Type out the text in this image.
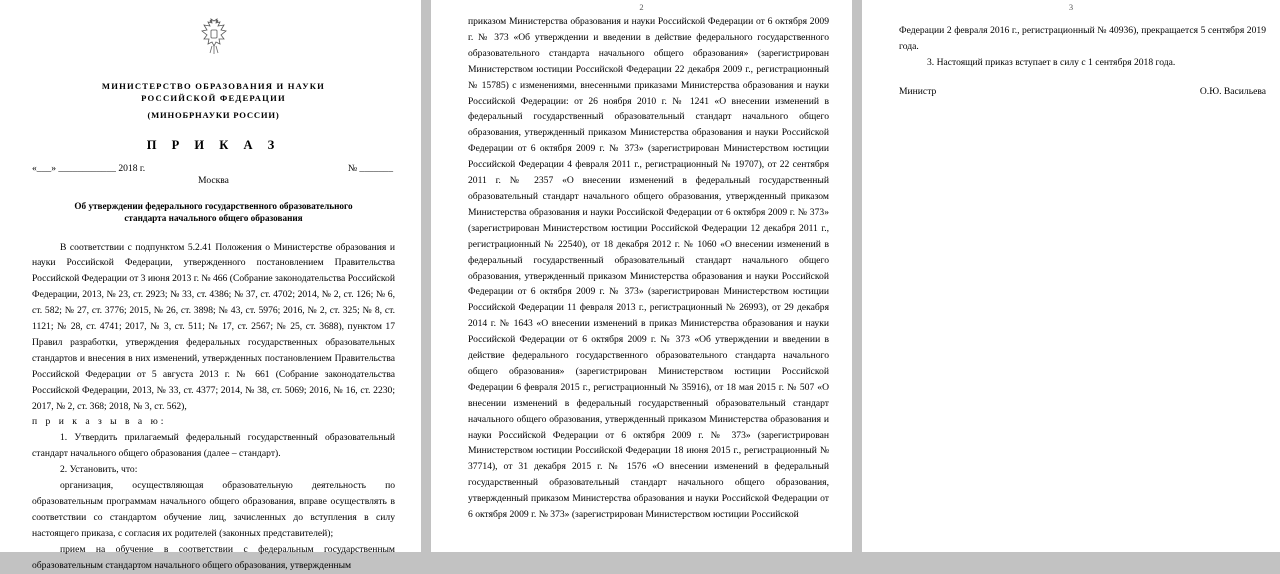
МИНИСТЕРСТВО ОБРАЗОВАНИЯ И НАУКИ
РОССИЙСКОЙ ФЕДЕРАЦИИ
(МИНОБРНАУКИ РОССИИ)
П Р И К А З
«___» ____________ 2018 г.	№ _______
Москва
Об утверждении федерального государственного образовательного
стандарта начального общего образования

В соответствии с подпунктом 5.2.41 Положения о Министерстве образования и науки Российской Федерации, утвержденного постановлением Правительства Российской Федерации от 3 июня 2013 г. № 466 (Собрание законодательства Российской Федерации, 2013, № 23, ст. 2923; № 33, ст. 4386; № 37, ст. 4702; 2014, № 2, ст. 126; № 6, ст. 582; № 27, ст. 3776; 2015, № 26, ст. 3898; № 43, ст. 5976; 2016, № 2, ст. 325; № 8, ст. 1121; № 28, ст. 4741; 2017, № 3, ст. 511; № 17, ст. 2567; № 25, ст. 3688), пунктом 17 Правил разработки, утверждения федеральных государственных образовательных стандартов и внесения в них изменений, утвержденных постановлением Правительства Российской Федерации от 5 августа 2013 г. № 661 (Собрание законодательства Российской Федерации, 2013, № 33, ст. 4377; 2014, № 38, ст. 5069; 2016, № 16, ст. 2230; 2017, № 2, ст. 368; 2018, № 3, ст. 562),

п р и к а з ы в а ю:

1. Утвердить прилагаемый федеральный государственный образовательный стандарт начального общего образования (далее – стандарт).

2. Установить, что:

организация, осуществляющая образовательную деятельность по образовательным программам начального общего образования, вправе осуществлять в соответствии со стандартом обучение лиц, зачисленных до вступления в силу настоящего приказа, с согласия их родителей (законных представителей);

прием на обучение в соответствии с федеральным государственным образовательным стандартом начального общего образования, утвержденным

2

приказом Министерства образования и науки Российской Федерации от 6 октября 2009 г. № 373 «Об утверждении и введении в действие федерального государственного образовательного стандарта начального общего образования» (зарегистрирован Министерством юстиции Российской Федерации 22 декабря 2009 г., регистрационный № 15785) с изменениями, внесенными приказами Министерства образования и науки Российской Федерации: от 26 ноября 2010 г. № 1241 «О внесении изменений в федеральный государственный образовательный стандарт начального общего образования, утвержденный приказом Министерства образования и науки Российской Федерации от 6 октября 2009 г. № 373» (зарегистрирован Министерством юстиции Российской Федерации 4 февраля 2011 г., регистрационный № 19707), от 22 сентября 2011 г. № 2357 «О внесении изменений в федеральный государственный образовательный стандарт начального общего образования, утвержденный приказом Министерства образования и науки Российской Федерации от 6 октября 2009 г. № 373» (зарегистрирован Министерством юстиции Российской Федерации 12 декабря 2011 г., регистрационный № 22540), от 18 декабря 2012 г. № 1060 «О внесении изменений в федеральный государственный образовательный стандарт начального общего образования, утвержденный приказом Министерства образования и науки Российской Федерации от 6 октября 2009 г. № 373» (зарегистрирован Министерством юстиции Российской Федерации 11 февраля 2013 г., регистрационный № 26993), от 29 декабря 2014 г. № 1643 «О внесении изменений в приказ Министерства образования и науки Российской Федерации от 6 октября 2009 г. № 373 «Об утверждении и введении в действие федерального государственного образовательного стандарта начального общего образования» (зарегистрирован Министерством юстиции Российской Федерации 6 февраля 2015 г., регистрационный № 35916), от 18 мая 2015 г. № 507 «О внесении изменений в федеральный государственный образовательный стандарт начального общего образования, утвержденный приказом Министерства образования и науки Российской Федерации от 6 октября 2009 г. № 373» (зарегистрирован Министерством юстиции Российской Федерации 18 июня 2015 г., регистрационный № 37714), от 31 декабря 2015 г. № 1576 «О внесении изменений в федеральный государственный образовательный стандарт начального общего образования, утвержденный приказом Министерства образования и науки Российской Федерации от 6 октября 2009 г. № 373» (зарегистрирован Министерством юстиции Российской

3

Федерации 2 февраля 2016 г., регистрационный № 40936), прекращается 5 сентября 2019 года.

3. Настоящий приказ вступает в силу с 1 сентября 2018 года.

Министр	О.Ю. Васильева
